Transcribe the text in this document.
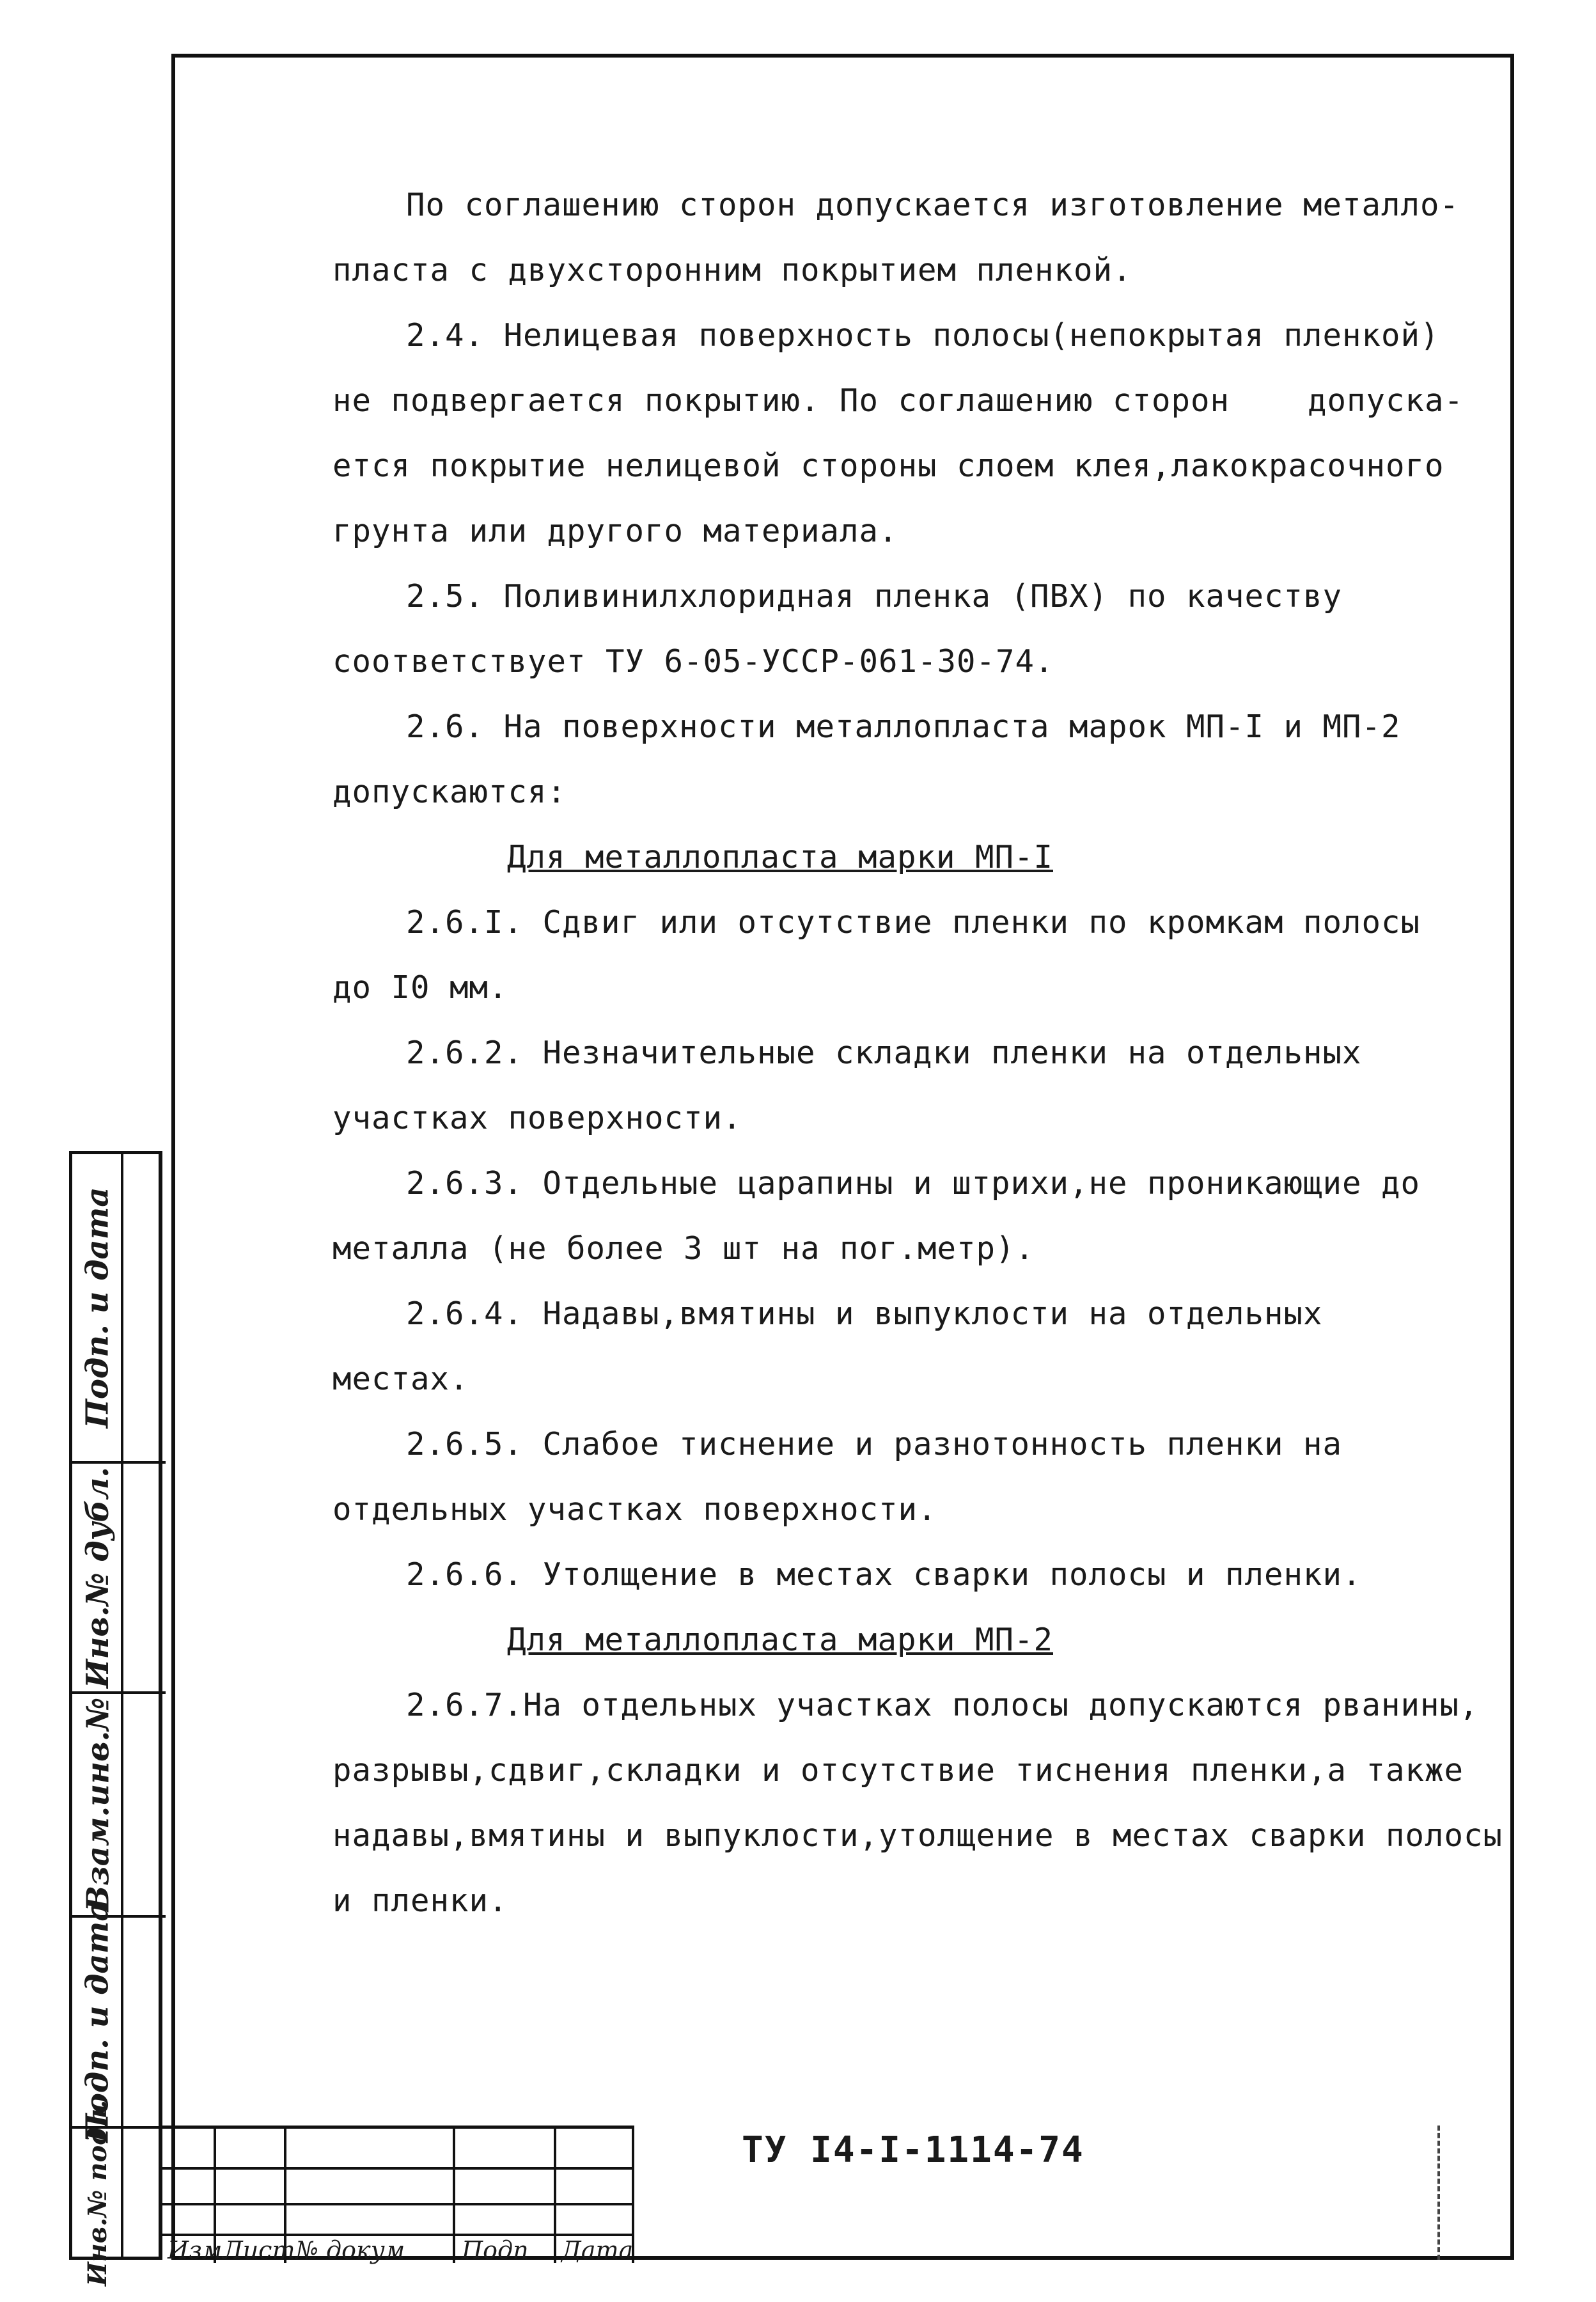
По соглашению сторон допускается изготовление металло-
пласта с двухсторонним покрытием пленкой.
2.4. Нелицевая поверхность полосы(непокрытая пленкой)
не подвергается покрытию. По соглашению сторон    допуска-
ется покрытие нелицевой стороны слоем клея,лакокрасочного
грунта или другого материала.
2.5. Поливинилхлоридная пленка (ПВХ) по качеству
соответствует ТУ 6-05-УССР-061-30-74.
2.6. На поверхности металлопласта марок МП-I и МП-2
допускаются:
Для металлопласта марки МП-I
2.6.I. Сдвиг или отсутствие пленки по кромкам полосы
до I0 мм.
2.6.2. Незначительные складки пленки на отдельных
участках поверхности.
2.6.3. Отдельные царапины и штрихи,не проникающие до
металла (не более 3 шт на пог.метр).
2.6.4. Надавы,вмятины и выпуклости на отдельных
местах.
2.6.5. Слабое тиснение и разнотонность пленки на
отдельных участках поверхности.
2.6.6. Утолщение в местах сварки полосы и пленки.
Для металлопласта марки МП-2
2.6.7.На отдельных участках полосы допускаются рванины,
разрывы,сдвиг,складки и отсутствие тиснения пленки,а также
надавы,вмятины и выпуклости,утолщение в местах сварки полосы
и пленки.
Подп. и дата
Инв.№ дубл.
Взам.инв.№
Подп. и дата
Инв.№ подл. Изм Лист № докум Подп Дата
ТУ I4-I-1114-74
